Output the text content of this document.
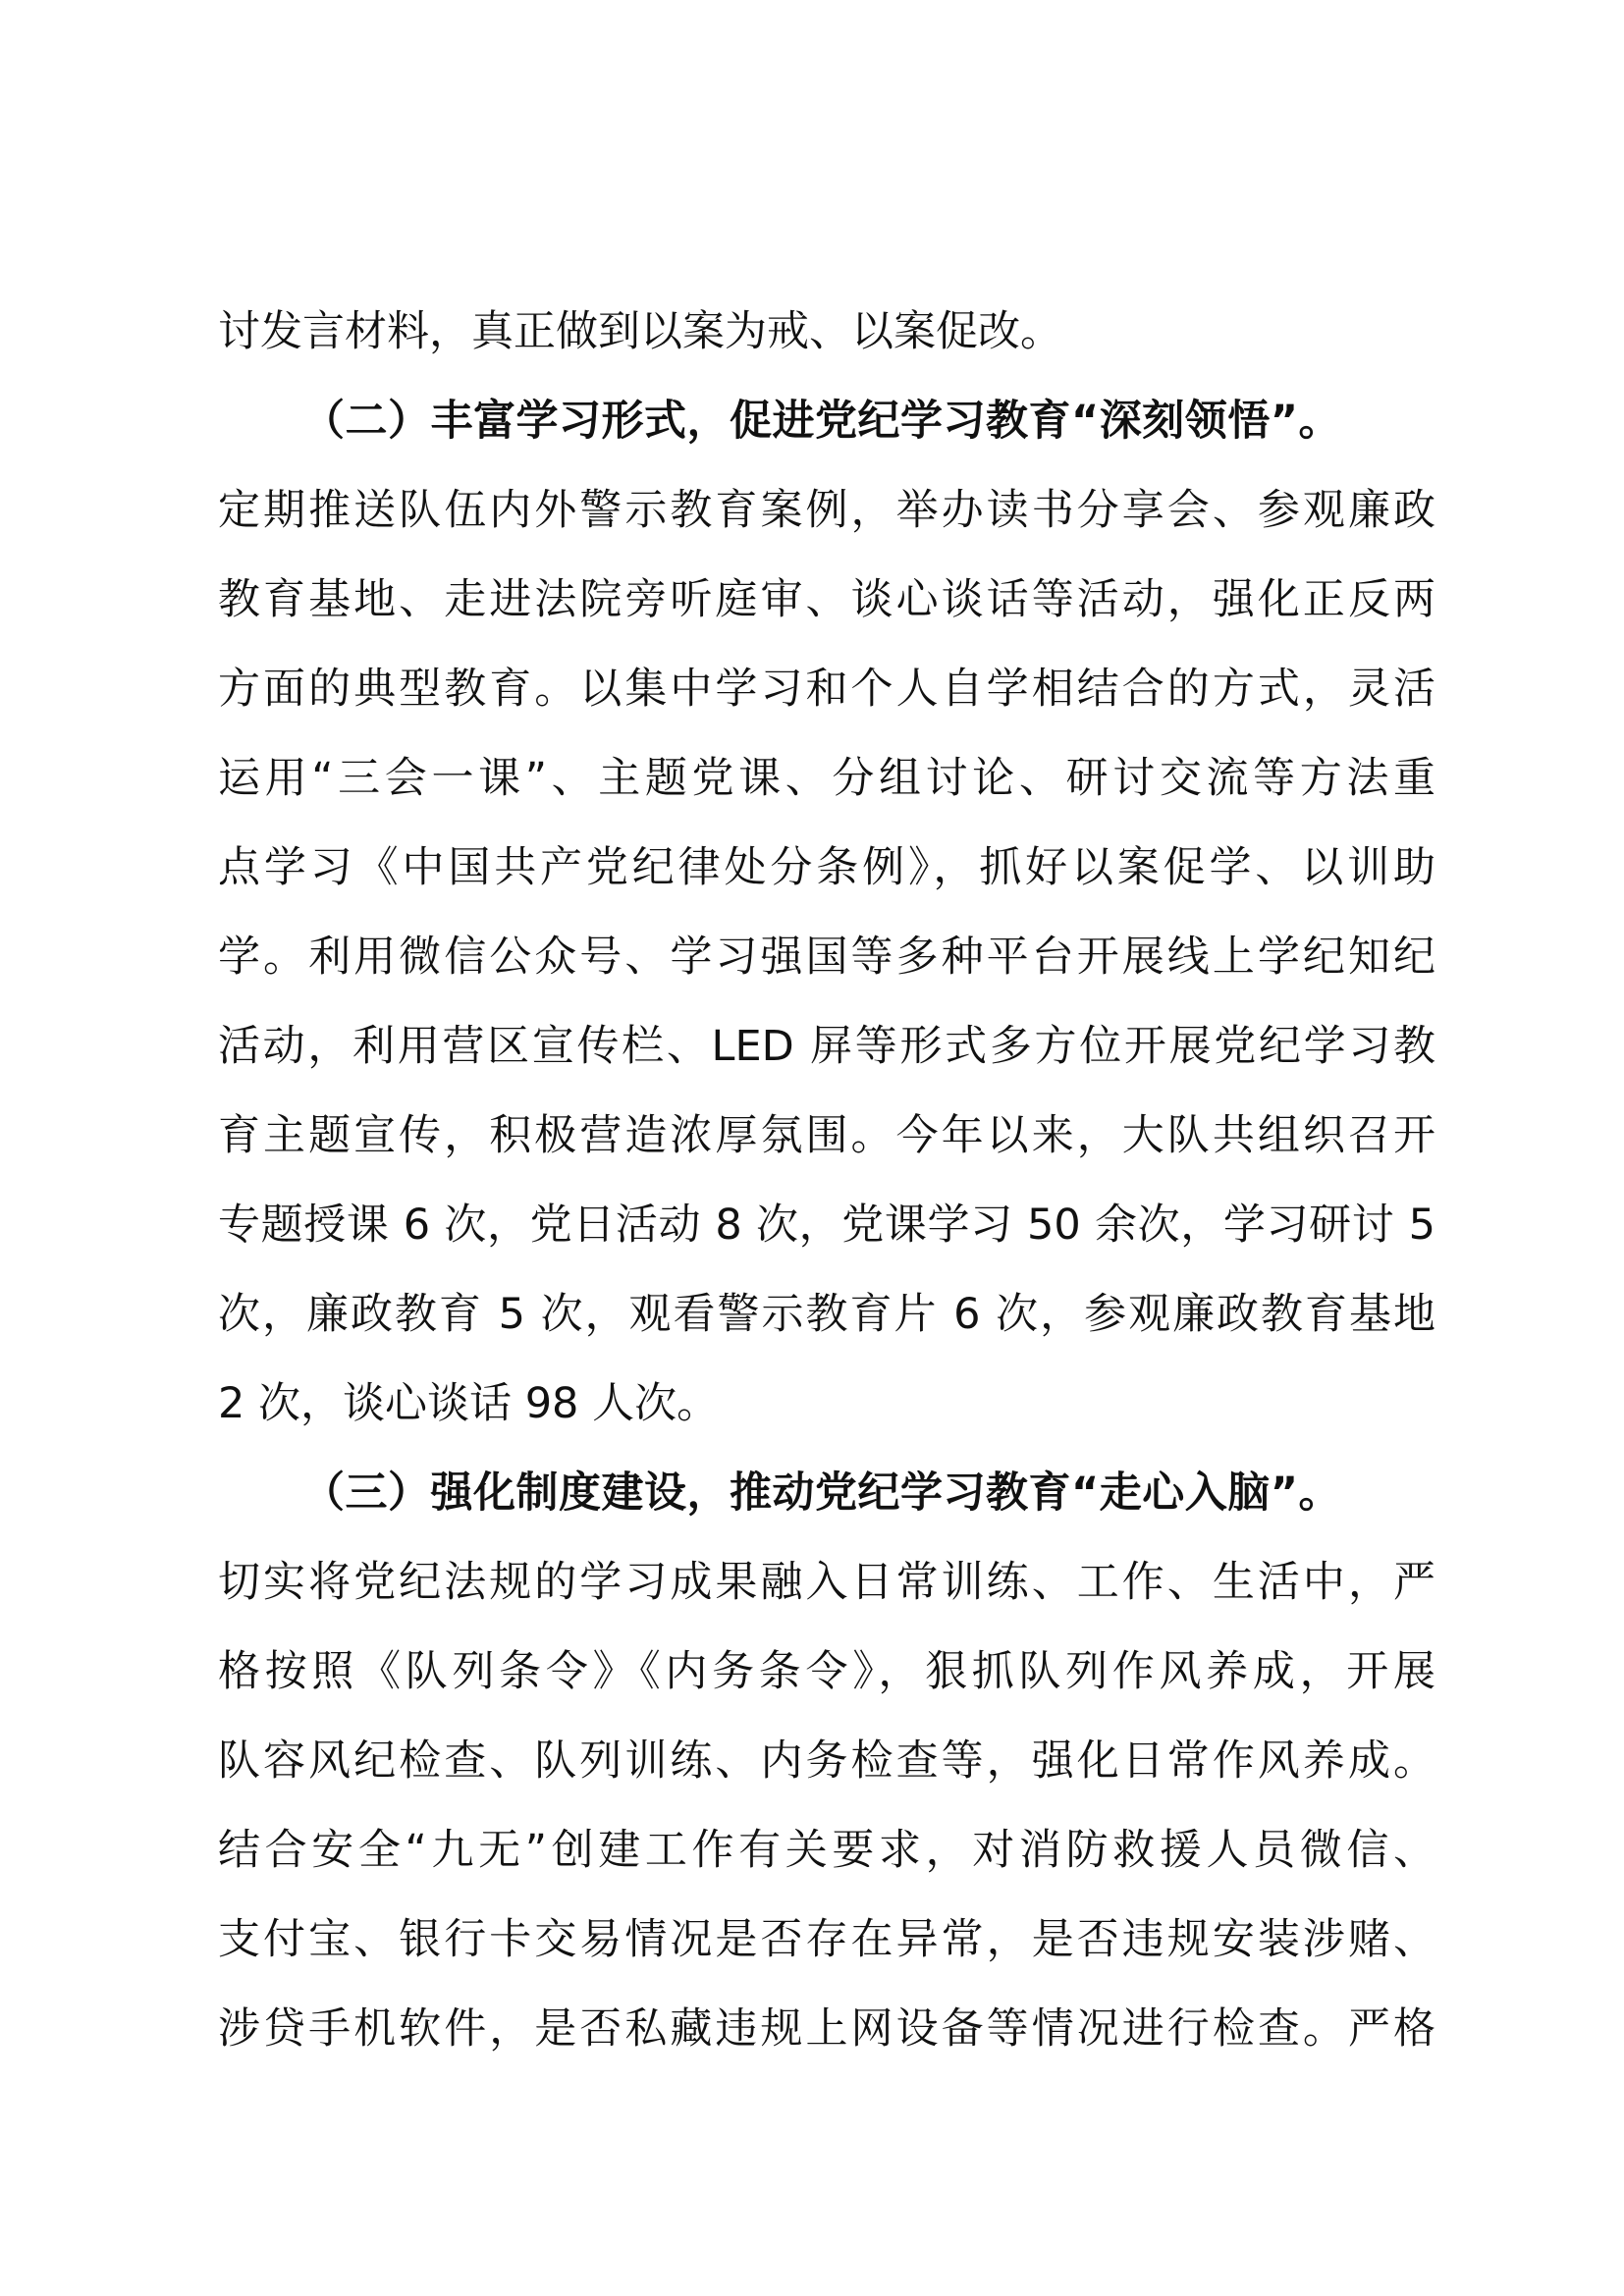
讨发言材料，真正做到以案为戒、以案促改。
（二）丰富学习形式，促进党纪学习教育“深刻领悟”。
定期推送队伍内外警示教育案例，举办读书分享会、参观廉政
教育基地、走进法院旁听庭审、谈心谈话等活动，强化正反两
方面的典型教育。以集中学习和个人自学相结合的方式，灵活
运用“三会一课”、主题党课、分组讨论、研讨交流等方法重
点学习《中国共产党纪律处分条例》，抓好以案促学、以训助
学。利用微信公众号、学习强国等多种平台开展线上学纪知纪
活动，利用营区宣传栏、LED 屏等形式多方位开展党纪学习教
育主题宣传，积极营造浓厚氛围。今年以来，大队共组织召开
专题授课 6 次，党日活动 8 次，党课学习 50 余次，学习研讨 5
次，廉政教育 5 次，观看警示教育片 6 次，参观廉政教育基地
2 次，谈心谈话 98 人次。
（三）强化制度建设，推动党纪学习教育“走心入脑”。
切实将党纪法规的学习成果融入日常训练、工作、生活中，严
格按照《队列条令》《内务条令》，狠抓队列作风养成，开展
队容风纪检查、队列训练、内务检查等，强化日常作风养成。
结合安全“九无”创建工作有关要求，对消防救援人员微信、
支付宝、银行卡交易情况是否存在异常，是否违规安装涉赌、
涉贷手机软件，是否私藏违规上网设备等情况进行检查。严格
